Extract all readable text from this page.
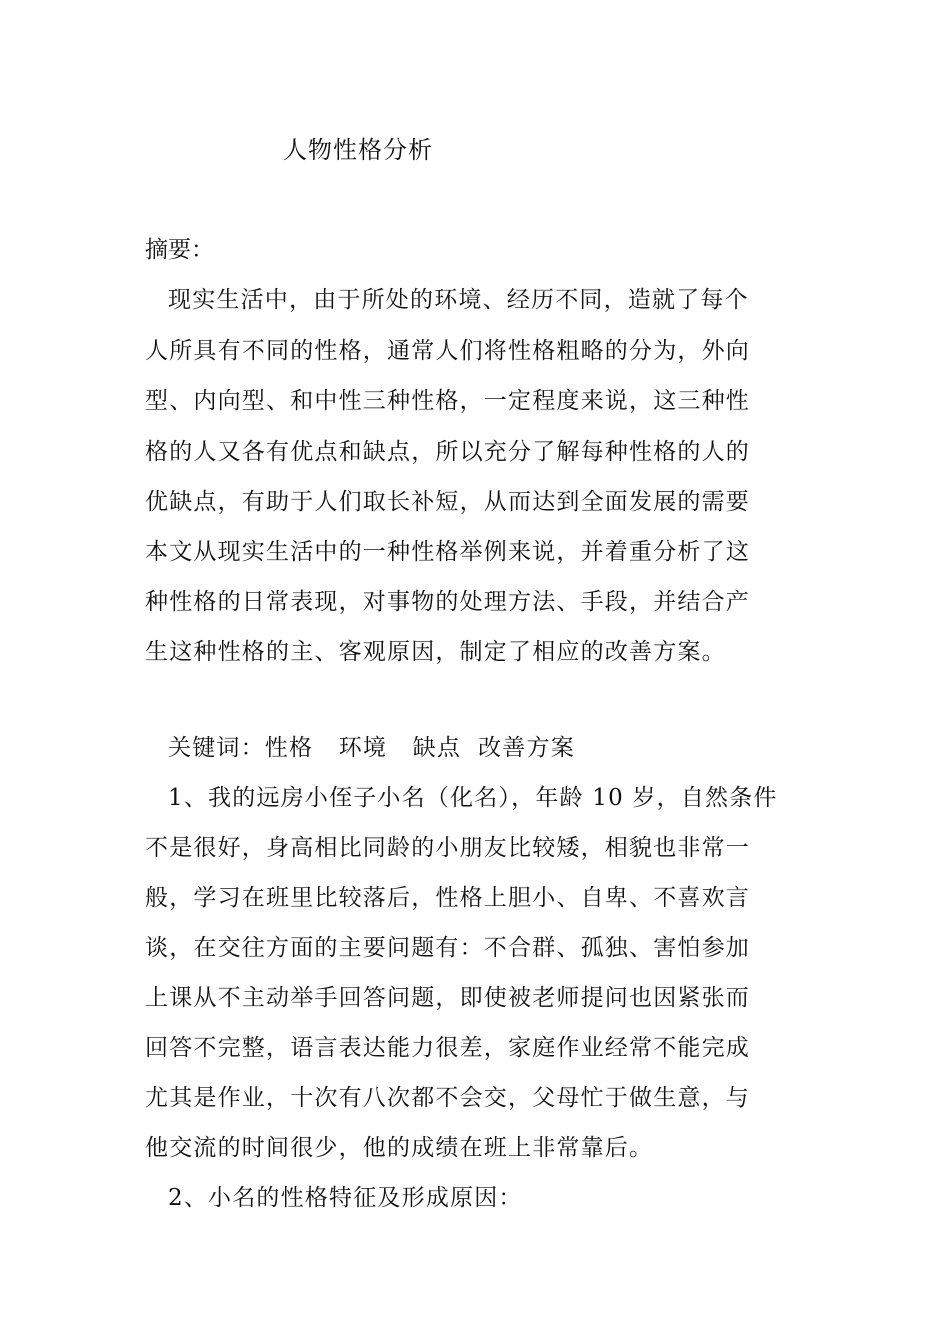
人物性格分析
摘要：
现实生活中，由于所处的环境、经历不同，造就了每个
人所具有不同的性格，通常人们将性格粗略的分为，外向
型、内向型、和中性三种性格，一定程度来说，这三种性
格的人又各有优点和缺点，所以充分了解每种性格的人的
优缺点，有助于人们取长补短，从而达到全面发展的需要
本文从现实生活中的一种性格举例来说，并着重分析了这
种性格的日常表现，对事物的处理方法、手段，并结合产
生这种性格的主、客观原因，制定了相应的改善方案。
关键词：性格   环境   缺点  改善方案
1、我的远房小侄子小名（化名），年龄 10 岁，自然条件
不是很好，身高相比同龄的小朋友比较矮，相貌也非常一
般，学习在班里比较落后，性格上胆小、自卑、不喜欢言
谈，在交往方面的主要问题有：不合群、孤独、害怕参加
上课从不主动举手回答问题，即使被老师提问也因紧张而
回答不完整，语言表达能力很差，家庭作业经常不能完成
尤其是作业，十次有八次都不会交，父母忙于做生意，与
他交流的时间很少，他的成绩在班上非常靠后。
2、小名的性格特征及形成原因：
